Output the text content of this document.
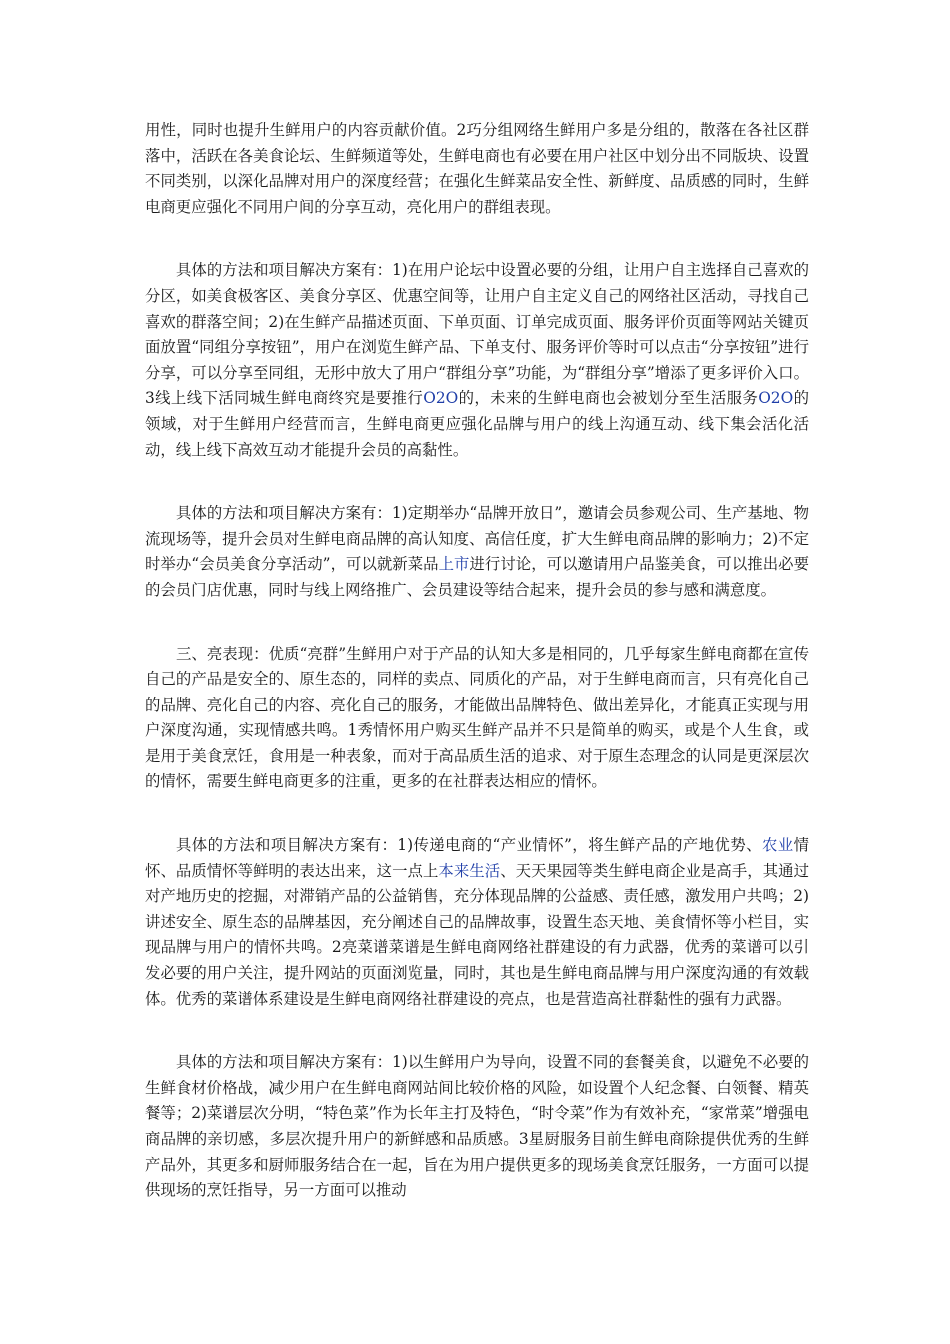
用性，同时也提升生鲜用户的内容贡献价值。2巧分组网络生鲜用户多是分组的，散落在各社区群落中，活跃在各美食论坛、生鲜频道等处，生鲜电商也有必要在用户社区中划分出不同版块、设置不同类别，以深化品牌对用户的深度经营；在强化生鲜菜品安全性、新鲜度、品质感的同时，生鲜电商更应强化不同用户间的分享互动，亮化用户的群组表现。

具体的方法和项目解决方案有：1)在用户论坛中设置必要的分组，让用户自主选择自己喜欢的分区，如美食极客区、美食分享区、优惠空间等，让用户自主定义自己的网络社区活动，寻找自己喜欢的群落空间；2)在生鲜产品描述页面、下单页面、订单完成页面、服务评价页面等网站关键页面放置“同组分享按钮”，用户在浏览生鲜产品、下单支付、服务评价等时可以点击“分享按钮”进行分享，可以分享至同组，无形中放大了用户“群组分享”功能，为“群组分享”增添了更多评价入口。3线上线下活同城生鲜电商终究是要推行O2O的，未来的生鲜电商也会被划分至生活服务O2O的领域，对于生鲜用户经营而言，生鲜电商更应强化品牌与用户的线上沟通互动、线下集会活化活动，线上线下高效互动才能提升会员的高黏性。

具体的方法和项目解决方案有：1)定期举办“品牌开放日”，邀请会员参观公司、生产基地、物流现场等，提升会员对生鲜电商品牌的高认知度、高信任度，扩大生鲜电商品牌的影响力；2)不定时举办“会员美食分享活动”，可以就新菜品上市进行讨论，可以邀请用户品鉴美食，可以推出必要的会员门店优惠，同时与线上网络推广、会员建设等结合起来，提升会员的参与感和满意度。

三、亮表现：优质“亮群”生鲜用户对于产品的认知大多是相同的，几乎每家生鲜电商都在宣传自己的产品是安全的、原生态的，同样的卖点、同质化的产品，对于生鲜电商而言，只有亮化自己的品牌、亮化自己的内容、亮化自己的服务，才能做出品牌特色、做出差异化，才能真正实现与用户深度沟通，实现情感共鸣。1秀情怀用户购买生鲜产品并不只是简单的购买，或是个人生食，或是用于美食烹饪，食用是一种表象，而对于高品质生活的追求、对于原生态理念的认同是更深层次的情怀，需要生鲜电商更多的注重，更多的在社群表达相应的情怀。

具体的方法和项目解决方案有：1)传递电商的“产业情怀”，将生鲜产品的产地优势、农业情怀、品质情怀等鲜明的表达出来，这一点上本来生活、天天果园等类生鲜电商企业是高手，其通过对产地历史的挖掘，对滞销产品的公益销售，充分体现品牌的公益感、责任感，激发用户共鸣；2)讲述安全、原生态的品牌基因，充分阐述自己的品牌故事，设置生态天地、美食情怀等小栏目，实现品牌与用户的情怀共鸣。2亮菜谱菜谱是生鲜电商网络社群建设的有力武器，优秀的菜谱可以引发必要的用户关注，提升网站的页面浏览量，同时，其也是生鲜电商品牌与用户深度沟通的有效载体。优秀的菜谱体系建设是生鲜电商网络社群建设的亮点，也是营造高社群黏性的强有力武器。

具体的方法和项目解决方案有：1)以生鲜用户为导向，设置不同的套餐美食，以避免不必要的生鲜食材价格战，减少用户在生鲜电商网站间比较价格的风险，如设置个人纪念餐、白领餐、精英餐等；2)菜谱层次分明，“特色菜”作为长年主打及特色，“时令菜”作为有效补充，“家常菜”增强电商品牌的亲切感，多层次提升用户的新鲜感和品质感。3星厨服务目前生鲜电商除提供优秀的生鲜产品外，其更多和厨师服务结合在一起，旨在为用户提供更多的现场美食烹饪服务，一方面可以提供现场的烹饪指导，另一方面可以推动
